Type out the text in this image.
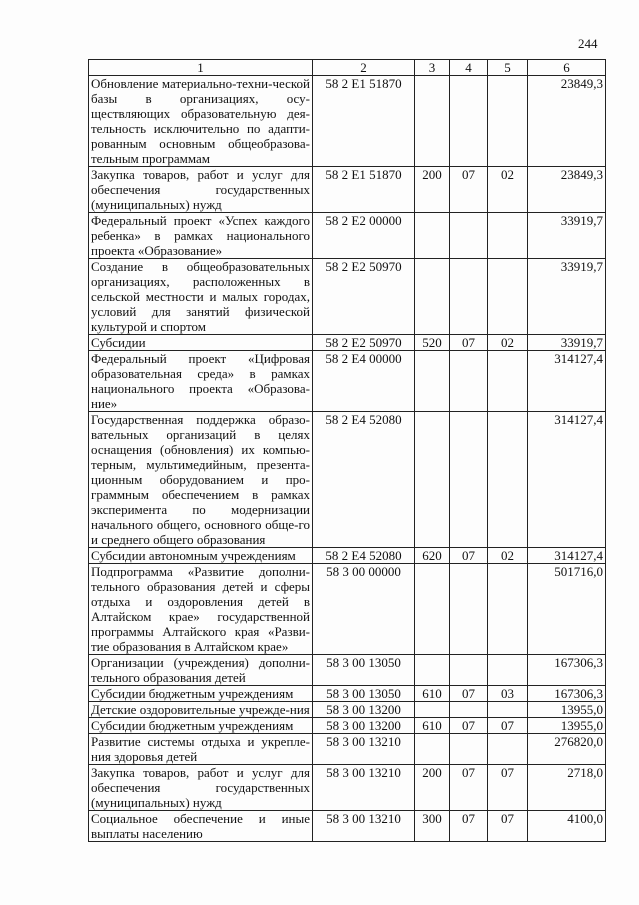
244
1	2	3	4	5	6
Обновление материально-техни-ческой базы в организациях, осу-ществляющих образовательную дея-тельность исключительно по адапти-рованным основным общеобразова-тельным программам	58 2 E1 51870				23849,3
Закупка товаров, работ и услуг для обеспечения государственных (муниципальных) нужд	58 2 E1 51870	200	07	02	23849,3
Федеральный проект «Успех каждого ребенка» в рамках национального проекта «Образование»	58 2 E2 00000				33919,7
Создание в общеобразовательных организациях, расположенных в сельской местности и малых городах, условий для занятий физической культурой и спортом	58 2 E2 50970				33919,7
Субсидии	58 2 E2 50970	520	07	02	33919,7
Федеральный проект «Цифровая образовательная среда» в рамках национального проекта «Образова-ние»	58 2 E4 00000				314127,4
Государственная поддержка образо-вательных организаций в целях оснащения (обновления) их компью-терным, мультимедийным, презента-ционным оборудованием и про-граммным обеспечением в рамках эксперимента по модернизации начального общего, основного обще-го и среднего общего образования	58 2 E4 52080				314127,4
Субсидии автономным учреждениям	58 2 E4 52080	620	07	02	314127,4
Подпрограмма «Развитие дополни-тельного образования детей и сферы отдыха и оздоровления детей в Алтайском крае» государственной программы Алтайского края «Разви-тие образования в Алтайском крае»	58 3 00 00000				501716,0
Организации (учреждения) дополни-тельного образования детей	58 3 00 13050				167306,3
Субсидии бюджетным учреждениям	58 3 00 13050	610	07	03	167306,3
Детские оздоровительные учрежде-ния	58 3 00 13200				13955,0
Субсидии бюджетным учреждениям	58 3 00 13200	610	07	07	13955,0
Развитие системы отдыха и укрепле-ния здоровья детей	58 3 00 13210				276820,0
Закупка товаров, работ и услуг для обеспечения государственных (муниципальных) нужд	58 3 00 13210	200	07	07	2718,0
Социальное обеспечение и иные выплаты населению	58 3 00 13210	300	07	07	4100,0
